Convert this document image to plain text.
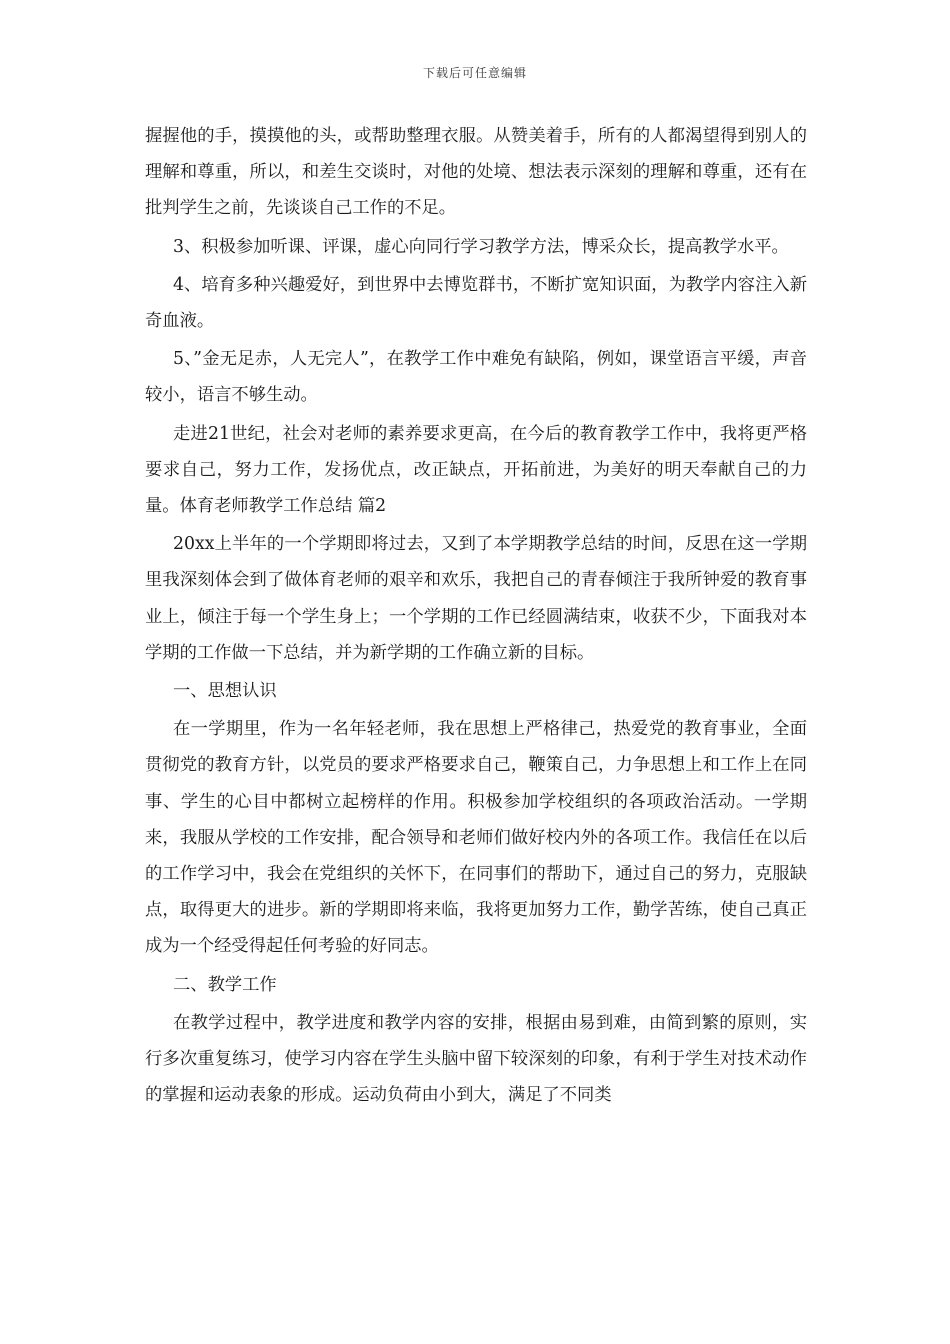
下载后可任意编辑

握握他的手，摸摸他的头，或帮助整理衣服。从赞美着手，所有的人都渴望得到别人的理解和尊重，所以，和差生交谈时，对他的处境、想法表示深刻的理解和尊重，还有在批判学生之前，先谈谈自己工作的不足。

3、积极参加听课、评课，虚心向同行学习教学方法，博采众长，提高教学水平。

4、培育多种兴趣爱好，到世界中去博览群书，不断扩宽知识面，为教学内容注入新奇血液。

5、”金无足赤，人无完人”，在教学工作中难免有缺陷，例如，课堂语言平缓，声音较小，语言不够生动。

走进21世纪，社会对老师的素养要求更高，在今后的教育教学工作中，我将更严格要求自己，努力工作，发扬优点，改正缺点，开拓前进，为美好的明天奉献自己的力量。体育老师教学工作总结 篇2

20xx上半年的一个学期即将过去，又到了本学期教学总结的时间，反思在这一学期里我深刻体会到了做体育老师的艰辛和欢乐，我把自己的青春倾注于我所钟爱的教育事业上，倾注于每一个学生身上；一个学期的工作已经圆满结束，收获不少，下面我对本学期的工作做一下总结，并为新学期的工作确立新的目标。

一、思想认识

在一学期里，作为一名年轻老师，我在思想上严格律己，热爱党的教育事业，全面贯彻党的教育方针，以党员的要求严格要求自己，鞭策自己，力争思想上和工作上在同事、学生的心目中都树立起榜样的作用。积极参加学校组织的各项政治活动。一学期来，我服从学校的工作安排，配合领导和老师们做好校内外的各项工作。我信任在以后的工作学习中，我会在党组织的关怀下，在同事们的帮助下，通过自己的努力，克服缺点，取得更大的进步。新的学期即将来临，我将更加努力工作，勤学苦练，使自己真正成为一个经受得起任何考验的好同志。

二、教学工作

在教学过程中，教学进度和教学内容的安排，根据由易到难，由简到繁的原则，实行多次重复练习，使学习内容在学生头脑中留下较深刻的印象，有利于学生对技术动作的掌握和运动表象的形成。运动负荷由小到大，满足了不同类
